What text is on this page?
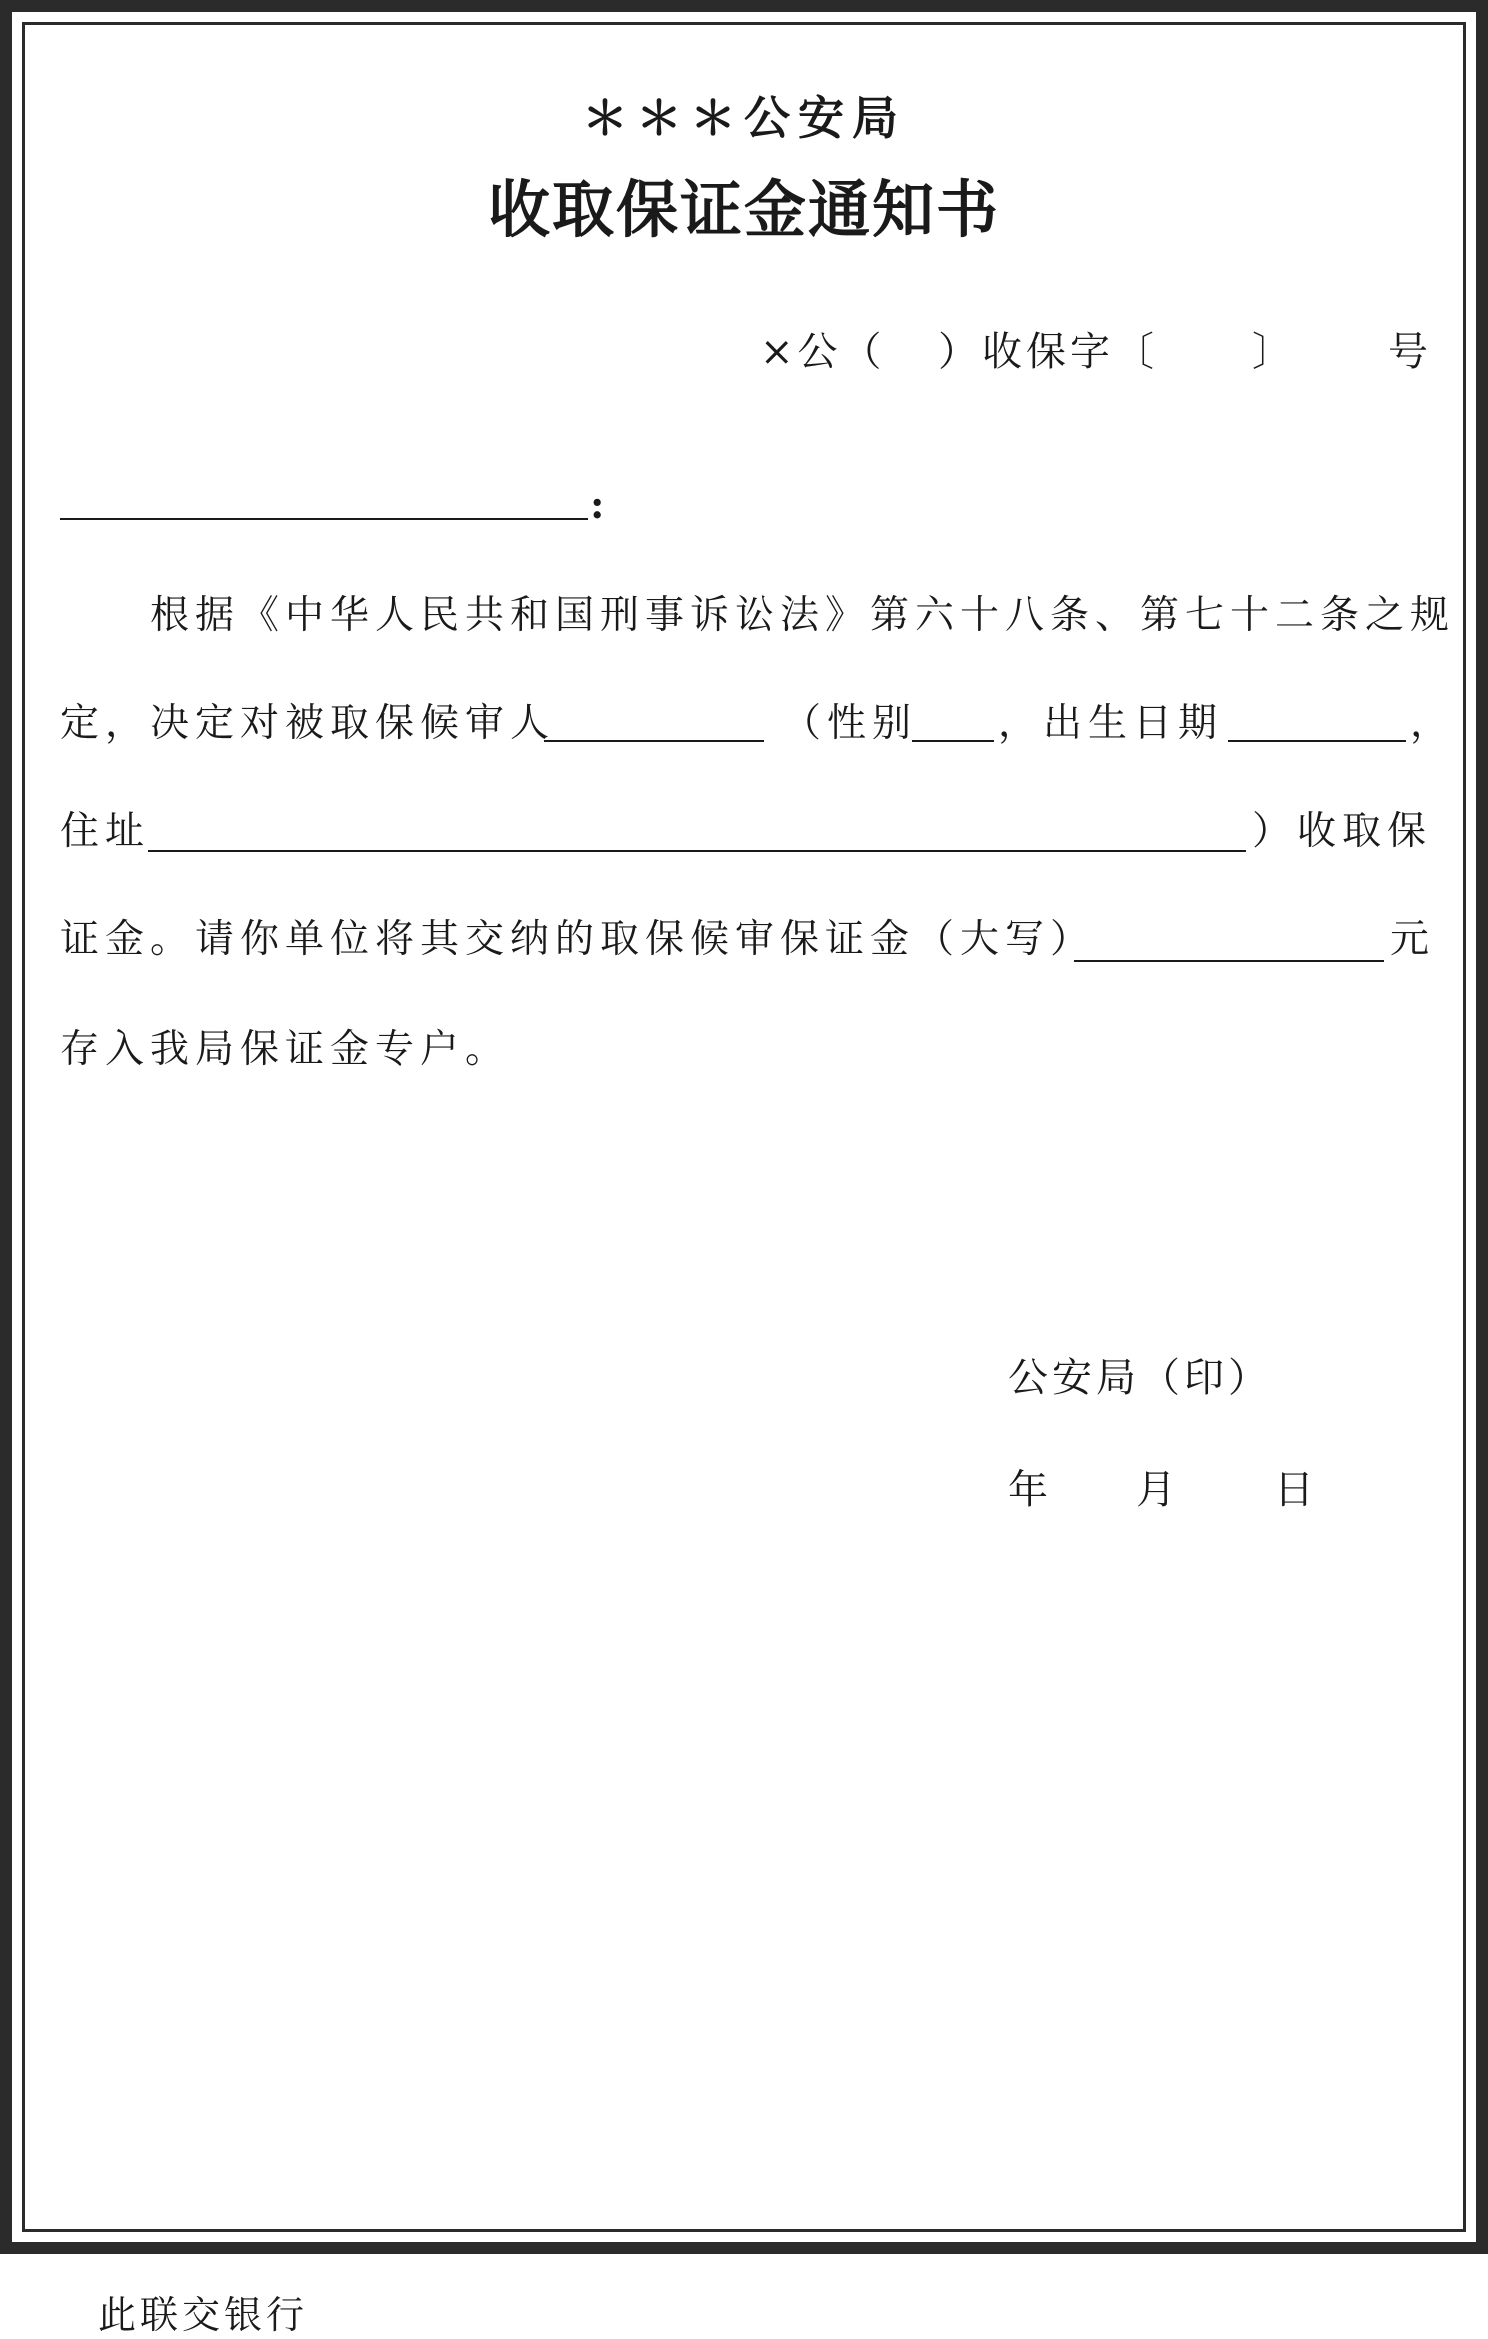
＊＊＊公安局
收取保证金通知书
×公（ ）收保字〔 〕 号
:
根据《中华人民共和国刑事诉讼法》第六十八条、第七十二条之规
定，决定对被取保候审人	（性别 ，出生日期	，
住址	）收取保
证金。请你单位将其交纳的取保候审保证金（大写）	元
存入我局保证金专户。
公安局（印）
年 月 日
此联交银行
